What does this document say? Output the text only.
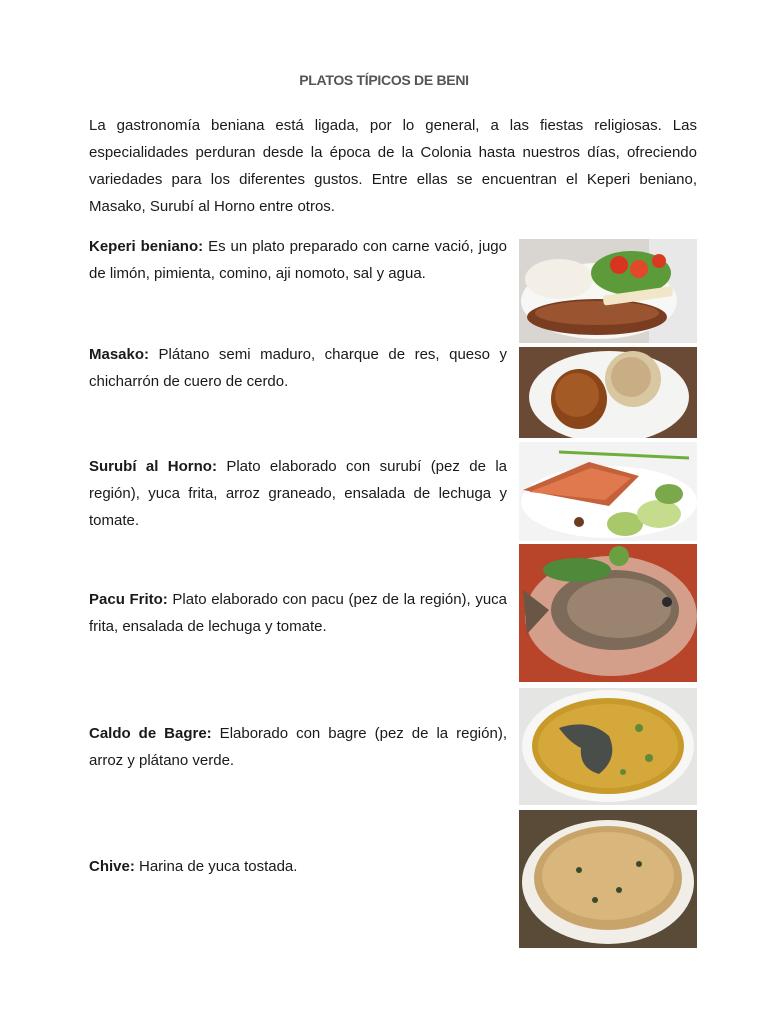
PLATOS TÍPICOS DE BENI

La gastronomía beniana está ligada, por lo general, a las fiestas religiosas. Las especialidades perduran desde la época de la Colonia hasta nuestros días, ofreciendo variedades para los diferentes gustos. Entre ellas se encuentran el Keperi beniano, Masako, Surubí al Horno entre otros.

Keperi beniano: Es un plato preparado con carne vació, jugo de limón, pimienta, comino, aji nomoto, sal y agua.

Masako: Plátano semi maduro, charque de res, queso y chicharrón de cuero de cerdo.

Surubí al Horno: Plato elaborado con surubí (pez de la región), yuca frita, arroz graneado, ensalada de lechuga y tomate.

Pacu Frito: Plato elaborado con pacu (pez de la región), yuca frita, ensalada de lechuga y tomate.

Caldo de Bagre: Elaborado con bagre (pez de la región), arroz y plátano verde.

Chive: Harina de yuca tostada.
